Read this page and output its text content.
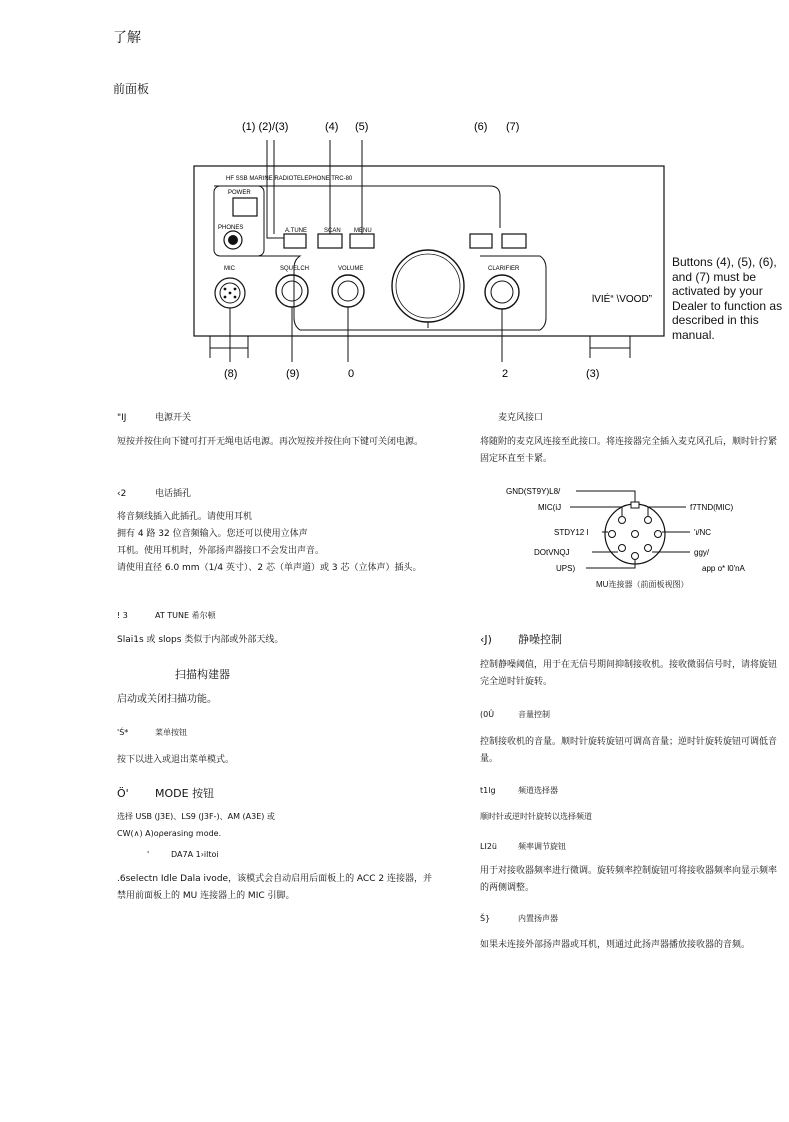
了解
前面板
(1) (2)/(3)	(4) (5)	(6) (7)
HF SSB MARINE RADIOTELEPHONE TRC-80
POWER
PHONES	A.TUNE	SCAN MENU
MIC	SQUELCH	VOLUME	CLARIFIER
lVIÉ“ \VOOD”
(8)	(9)	0	2	(3)
Buttons (4), (5), (6), and (7) must be activated by your Dealer to function as described in this manual.
"IJ	电源开关
短按并按住向下键可打开无绳电话电源。再次短按并按住向下键可关闭电源。
‹2	电话插孔
将音频线插入此插孔。请使用耳机
拥有 4 路 32 位音频输入。您还可以使用立体声
耳机。使用耳机时，外部扬声器接口不会发出声音。
请使用直径 6.0 mm（1/4 英寸）、2 芯（单声道）或 3 芯（立体声）插头。
! 3	AT TUNE 希尔顿
Slai1s 或 slops 类似于内部或外部天线。
扫描构建器
启动或关闭扫描功能。
'Ś*	菜单按钮
按下以进入或退出菜单模式。
Ö' MODE 按钮
选择 USB (J3E)、LS9 (J3F-)、AM (A3E) 或
CW(∧) A)oρerasing mode.
'	DA7A 1›iltoi
.6selectn Idle Dala ivode，该模式会自动启用后面板上的 ACC 2 连接器，并禁用前面板上的 MU 连接器上的 MIC 引脚。
麦克风接口
将随附的麦克风连接至此接口。将连接器完全插入麦克风孔后，顺时针拧紧固定环直至卡紧。
GND(ST9Y)L8/
MIC(iJ
STDY12 l
DOtVNQJ
UPS)
f7TND(MIC)
'ι/NC
ggy/
app o* l0'nA
MU连接器（前面板视图）
‹J) 静噪控制
控制静噪阈值，用于在无信号期间抑制接收机。接收微弱信号时，请将旋钮完全逆时针旋转。
(0Û	音量控制
控制接收机的音量。顺时针旋转旋钮可调高音量；逆时针旋转旋钮可调低音量。
t1lg	频道选择器
顺时针或逆时针旋转以选择频道
LI2ü	频率调节旋钮
用于对接收器频率进行微调。旋转频率控制旋钮可将接收器频率向显示频率的两侧调整。
Š}	内置扬声器
如果未连接外部扬声器或耳机，则通过此扬声器播放接收器的音频。
